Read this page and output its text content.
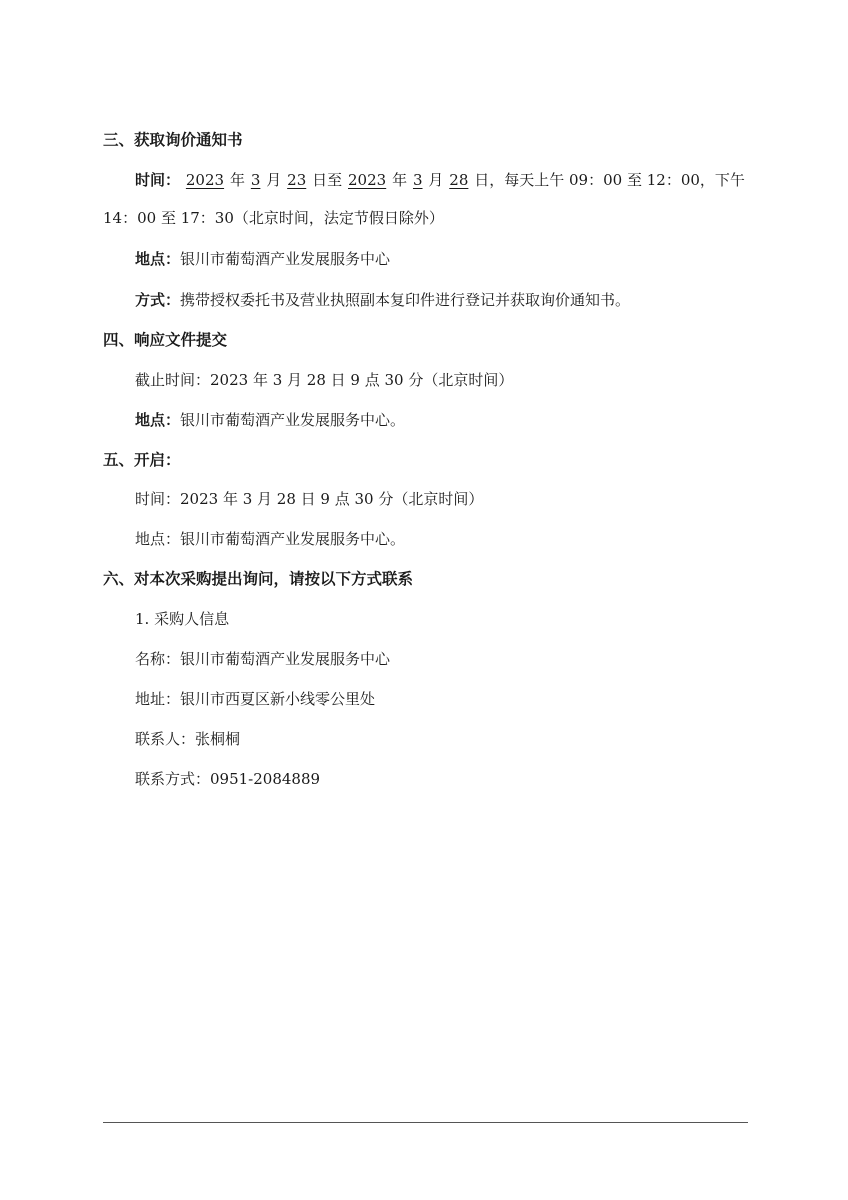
三、获取询价通知书
时间： 2023 年 3 月 23 日至 2023 年 3 月 28 日，每天上午 09：00 至 12：00，下午
14：00 至 17：30（北京时间，法定节假日除外）
地点：银川市葡萄酒产业发展服务中心
方式：携带授权委托书及营业执照副本复印件进行登记并获取询价通知书。
四、响应文件提交
截止时间：2023 年 3 月 28 日 9 点 30 分（北京时间）
地点：银川市葡萄酒产业发展服务中心。
五、开启：
时间：2023 年 3 月 28 日 9 点 30 分（北京时间）
地点：银川市葡萄酒产业发展服务中心。
六、对本次采购提出询问，请按以下方式联系
1. 采购人信息
名称：银川市葡萄酒产业发展服务中心
地址：银川市西夏区新小线零公里处
联系人：张桐桐
联系方式：0951-2084889
